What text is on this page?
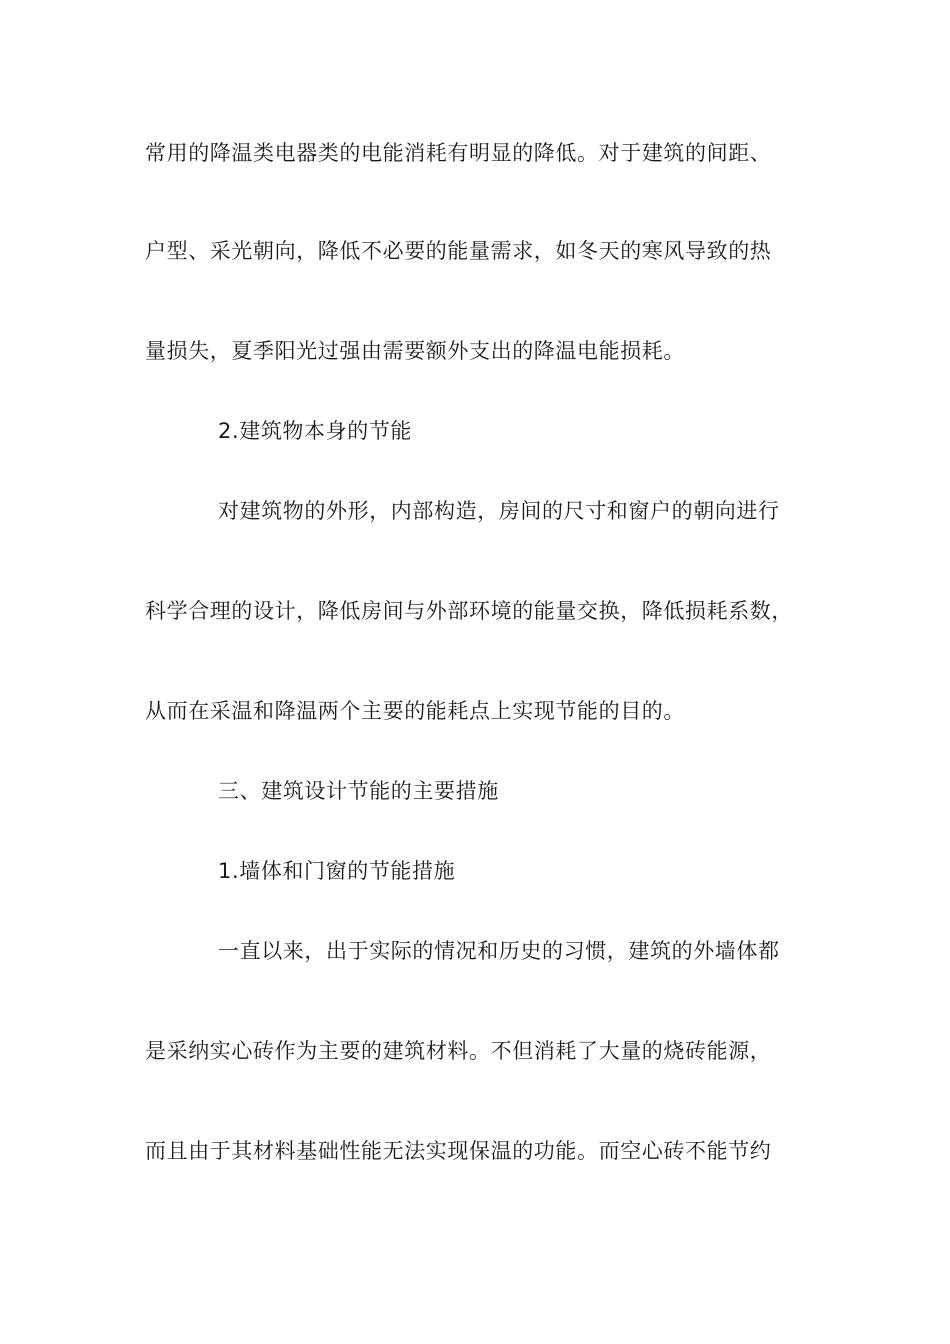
常用的降温类电器类的电能消耗有明显的降低。对于建筑的间距、
户型、采光朝向，降低不必要的能量需求，如冬天的寒风导致的热
量损失，夏季阳光过强由需要额外支出的降温电能损耗。
2.建筑物本身的节能
对建筑物的外形，内部构造，房间的尺寸和窗户的朝向进行
科学合理的设计，降低房间与外部环境的能量交换，降低损耗系数，
从而在采温和降温两个主要的能耗点上实现节能的目的。
三、建筑设计节能的主要措施
1.墙体和门窗的节能措施
一直以来，出于实际的情况和历史的习惯，建筑的外墙体都
是采纳实心砖作为主要的建筑材料。不但消耗了大量的烧砖能源，
而且由于其材料基础性能无法实现保温的功能。而空心砖不能节约
